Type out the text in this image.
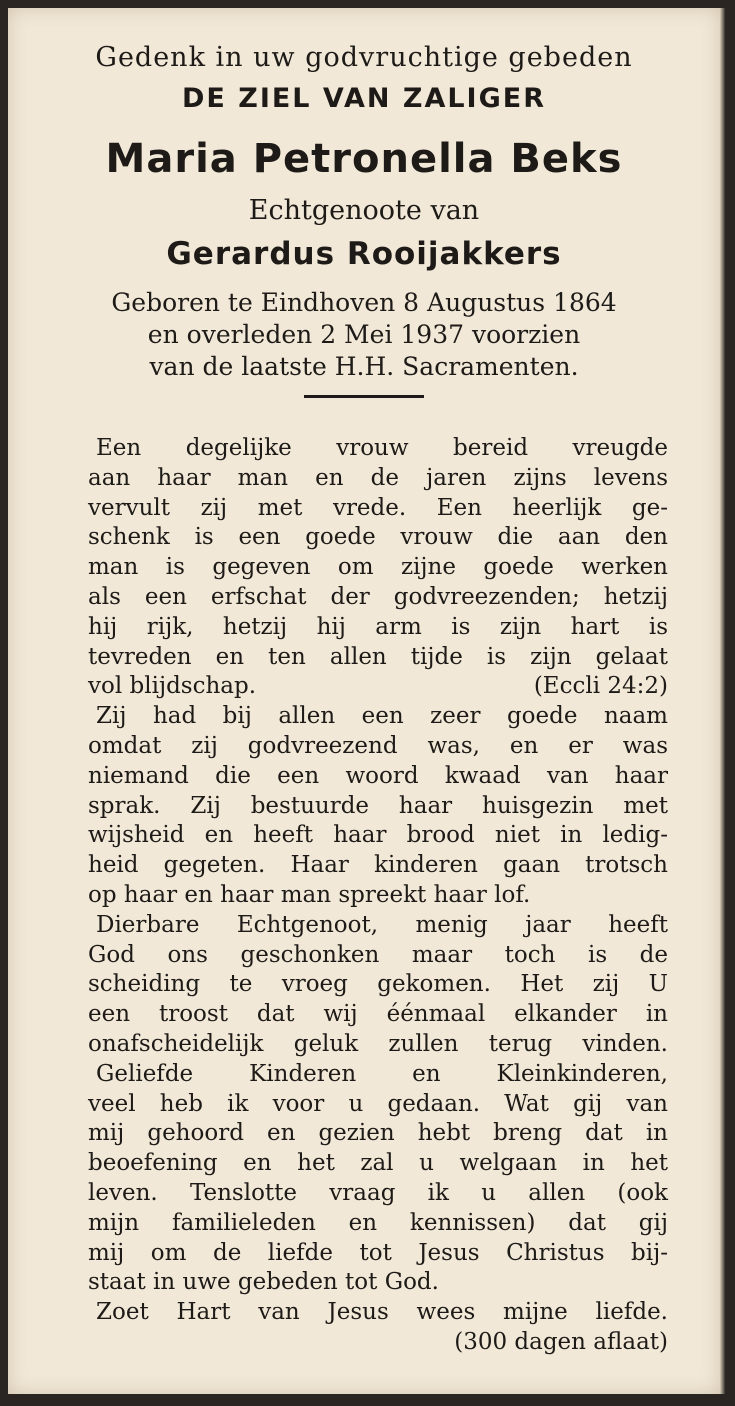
Gedenk in uw godvruchtige gebeden
DE ZIEL VAN ZALIGER
Maria Petronella Beks
Echtgenoote van
Gerardus Rooijakkers
Geboren te Eindhoven 8 Augustus 1864
en overleden 2 Mei 1937 voorzien
van de laatste H.H. Sacramenten.
Een degelijke vrouw bereid vreugde
aan haar man en de jaren zijns levens
vervult zij met vrede. Een heerlijk ge-
schenk is een goede vrouw die aan den
man is gegeven om zijne goede werken
als een erfschat der godvreezenden; hetzij
hij rijk, hetzij hij arm is zijn hart is
tevreden en ten allen tijde is zijn gelaat
vol blijdschap.	(Eccli 24:2)
Zij had bij allen een zeer goede naam
omdat zij godvreezend was, en er was
niemand die een woord kwaad van haar
sprak. Zij bestuurde haar huisgezin met
wijsheid en heeft haar brood niet in ledig-
heid gegeten. Haar kinderen gaan trotsch
op haar en haar man spreekt haar lof.
Dierbare Echtgenoot, menig jaar heeft
God ons geschonken maar toch is de
scheiding te vroeg gekomen. Het zij U
een troost dat wij éénmaal elkander in
onafscheidelijk geluk zullen terug vinden.
Geliefde Kinderen en Kleinkinderen,
veel heb ik voor u gedaan. Wat gij van
mij gehoord en gezien hebt breng dat in
beoefening en het zal u welgaan in het
leven. Tenslotte vraag ik u allen (ook
mijn familieleden en kennissen) dat gij
mij om de liefde tot Jesus Christus bij-
staat in uwe gebeden tot God.
Zoet Hart van Jesus wees mijne liefde.
(300 dagen aflaat)
